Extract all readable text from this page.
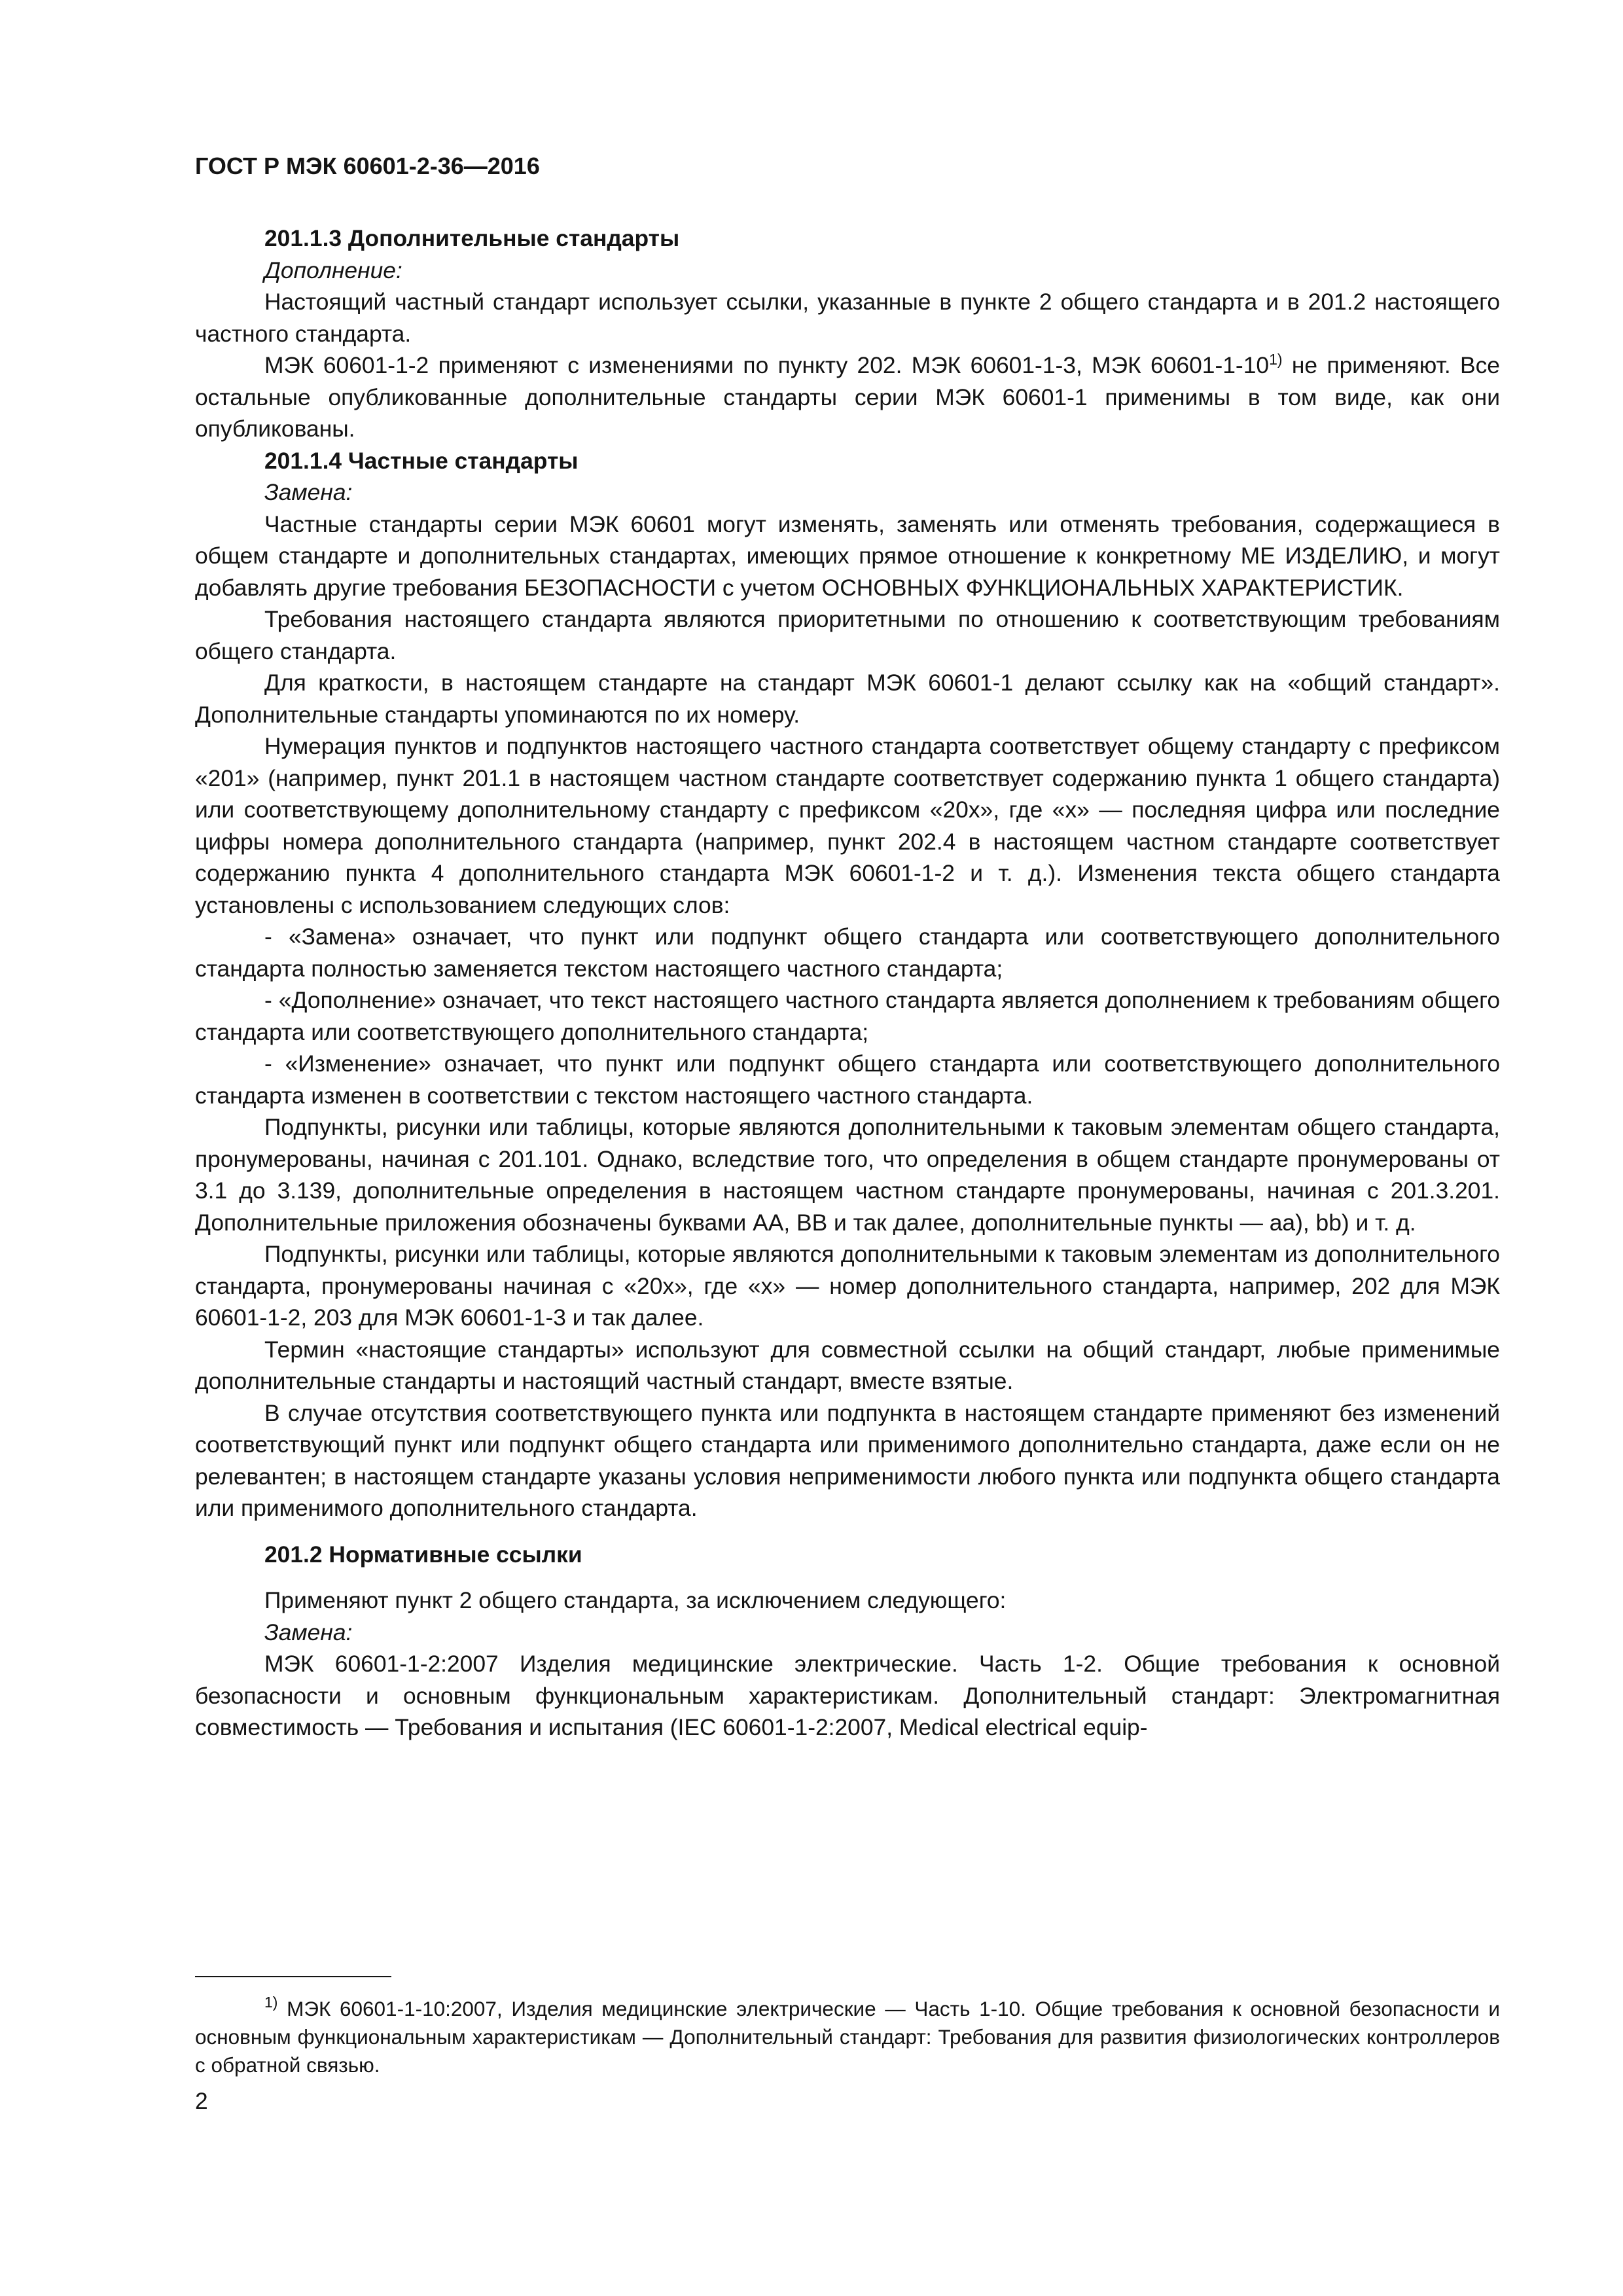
ГОСТ Р МЭК 60601-2-36—2016

201.1.3 Дополнительные стандарты

Дополнение:

Настоящий частный стандарт использует ссылки, указанные в пункте 2 общего стандарта и в 201.2 настоящего частного стандарта.

МЭК 60601-1-2 применяют с изменениями по пункту 202. МЭК 60601-1-3, МЭК 60601-1-10$^{1)}$ не применяют. Все остальные опубликованные дополнительные стандарты серии МЭК 60601-1 применимы в том виде, как они опубликованы.

201.1.4 Частные стандарты

Замена:

Частные стандарты серии МЭК 60601 могут изменять, заменять или отменять требования, содержащиеся в общем стандарте и дополнительных стандартах, имеющих прямое отношение к конкретному МЕ ИЗДЕЛИЮ, и могут добавлять другие требования БЕЗОПАСНОСТИ с учетом ОСНОВНЫХ ФУНКЦИОНАЛЬНЫХ ХАРАКТЕРИСТИК.

Требования настоящего стандарта являются приоритетными по отношению к соответствующим требованиям общего стандарта.

Для краткости, в настоящем стандарте на стандарт МЭК 60601-1 делают ссылку как на «общий стандарт». Дополнительные стандарты упоминаются по их номеру.

Нумерация пунктов и подпунктов настоящего частного стандарта соответствует общему стандарту с префиксом «201» (например, пункт 201.1 в настоящем частном стандарте соответствует содержанию пункта 1 общего стандарта) или соответствующему дополнительному стандарту с префиксом «20х», где «х» — последняя цифра или последние цифры номера дополнительного стандарта (например, пункт 202.4 в настоящем частном стандарте соответствует содержанию пункта 4 дополнительного стандарта МЭК 60601-1-2 и т. д.). Изменения текста общего стандарта установлены с использованием следующих слов:

- «Замена» означает, что пункт или подпункт общего стандарта или соответствующего дополнительного стандарта полностью заменяется текстом настоящего частного стандарта;

- «Дополнение» означает, что текст настоящего частного стандарта является дополнением к требованиям общего стандарта или соответствующего дополнительного стандарта;

- «Изменение» означает, что пункт или подпункт общего стандарта или соответствующего дополнительного стандарта изменен в соответствии с текстом настоящего частного стандарта.

Подпункты, рисунки или таблицы, которые являются дополнительными к таковым элементам общего стандарта, пронумерованы, начиная с 201.101. Однако, вследствие того, что определения в общем стандарте пронумерованы от 3.1 до 3.139, дополнительные определения в настоящем частном стандарте пронумерованы, начиная с 201.3.201. Дополнительные приложения обозначены буквами АА, ВВ и так далее, дополнительные пункты — аа), bb) и т. д.

Подпункты, рисунки или таблицы, которые являются дополнительными к таковым элементам из дополнительного стандарта, пронумерованы начиная с «20х», где «х» — номер дополнительного стандарта, например, 202 для МЭК 60601-1-2, 203 для МЭК 60601-1-3 и так далее.

Термин «настоящие стандарты» используют для совместной ссылки на общий стандарт, любые применимые дополнительные стандарты и настоящий частный стандарт, вместе взятые.

В случае отсутствия соответствующего пункта или подпункта в настоящем стандарте применяют без изменений соответствующий пункт или подпункт общего стандарта или применимого дополнительно стандарта, даже если он не релевантен; в настоящем стандарте указаны условия неприменимости любого пункта или подпункта общего стандарта или применимого дополнительного стандарта.

201.2 Нормативные ссылки

Применяют пункт 2 общего стандарта, за исключением следующего:

Замена:

МЭК 60601-1-2:2007 Изделия медицинские электрические. Часть 1-2. Общие требования к основной безопасности и основным функциональным характеристикам. Дополнительный стандарт: Электромагнитная совместимость — Требования и испытания (IEC 60601-1-2:2007, Medical electrical equip-

$^{1)}$ МЭК 60601-1-10:2007, Изделия медицинские электрические — Часть 1-10. Общие требования к основной безопасности и основным функциональным характеристикам — Дополнительный стандарт: Требования для развития физиологических контроллеров с обратной связью.

2
